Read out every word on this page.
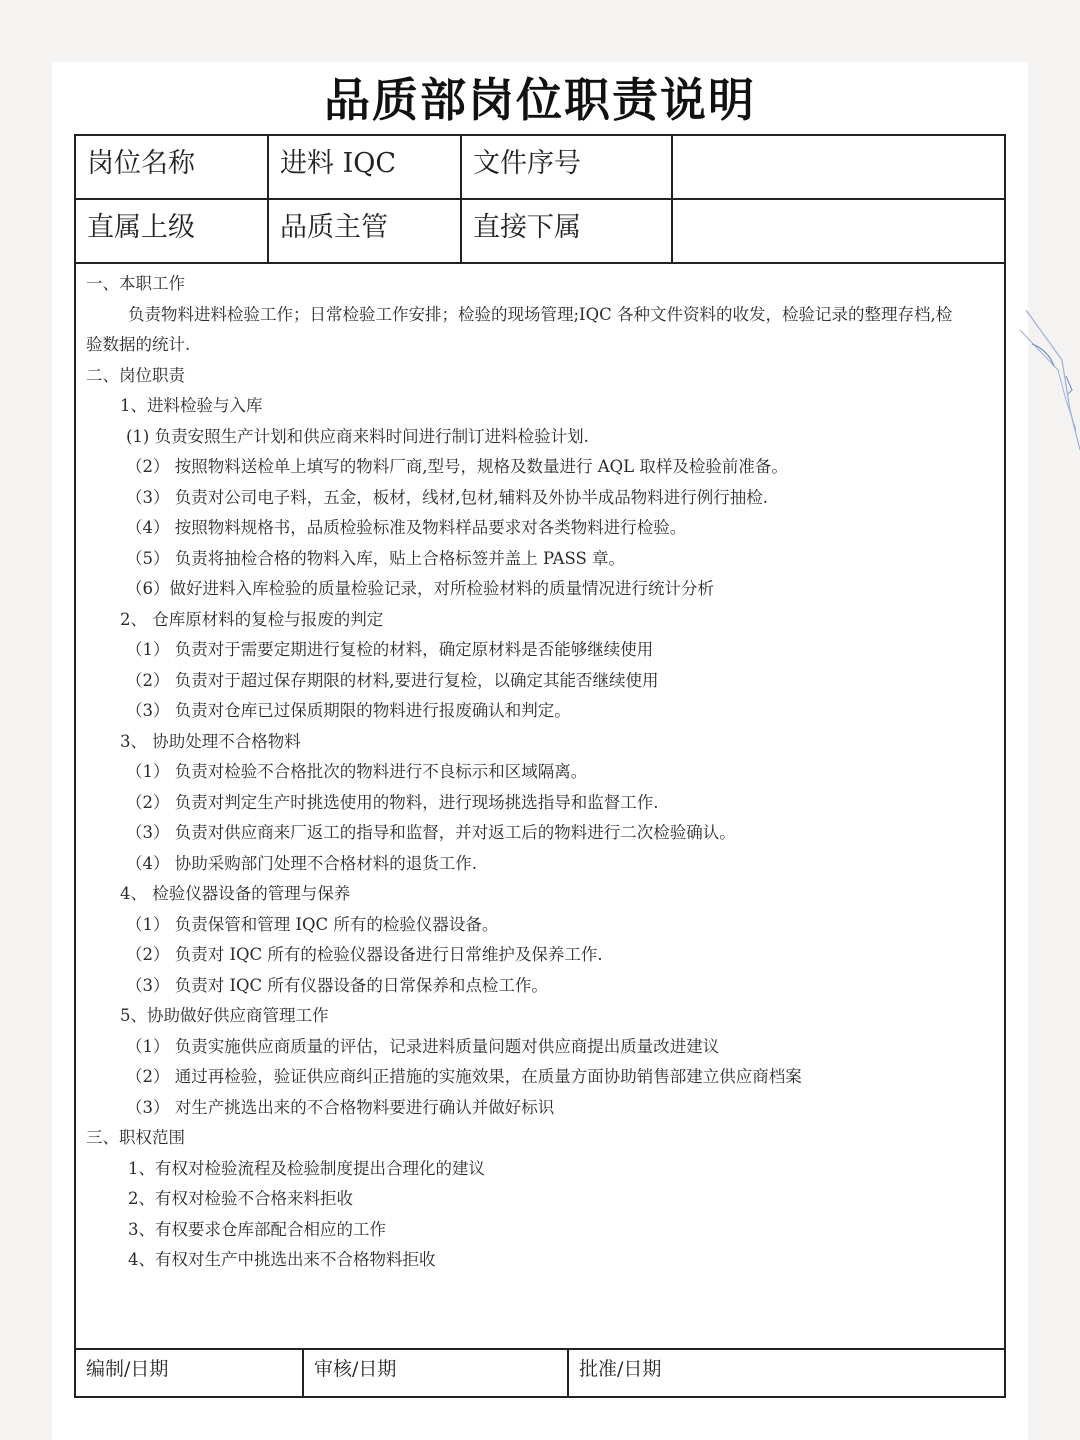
品质部岗位职责说明
岗位名称	进料 IQC	文件序号
直属上级	品质主管	直接下属
一、本职工作
负责物料进料检验工作；日常检验工作安排；检验的现场管理;IQC 各种文件资料的收发，检验记录的整理存档,检
验数据的统计.
二、岗位职责
1、进料检验与入库
(1) 负责安照生产计划和供应商来料时间进行制订进料检验计划.
（2） 按照物料送检单上填写的物料厂商,型号，规格及数量进行 AQL 取样及检验前准备。
（3） 负责对公司电子料，五金，板材，线材,包材,辅料及外协半成品物料进行例行抽检.
（4） 按照物料规格书，品质检验标准及物料样品要求对各类物料进行检验。
（5） 负责将抽检合格的物料入库，贴上合格标签并盖上 PASS 章。
（6）做好进料入库检验的质量检验记录，对所检验材料的质量情况进行统计分析
2、 仓库原材料的复检与报废的判定
（1） 负责对于需要定期进行复检的材料，确定原材料是否能够继续使用
（2） 负责对于超过保存期限的材料,要进行复检，以确定其能否继续使用
（3） 负责对仓库已过保质期限的物料进行报废确认和判定。
3、 协助处理不合格物料
（1） 负责对检验不合格批次的物料进行不良标示和区域隔离。
（2） 负责对判定生产时挑选使用的物料，进行现场挑选指导和监督工作.
（3） 负责对供应商来厂返工的指导和监督，并对返工后的物料进行二次检验确认。
（4） 协助采购部门处理不合格材料的退货工作.
4、 检验仪器设备的管理与保养
（1） 负责保管和管理 IQC 所有的检验仪器设备。
（2） 负责对 IQC 所有的检验仪器设备进行日常维护及保养工作.
（3） 负责对 IQC 所有仪器设备的日常保养和点检工作。
5、协助做好供应商管理工作
（1） 负责实施供应商质量的评估，记录进料质量问题对供应商提出质量改进建议
（2） 通过再检验，验证供应商纠正措施的实施效果，在质量方面协助销售部建立供应商档案
（3） 对生产挑选出来的不合格物料要进行确认并做好标识
三、职权范围
1、有权对检验流程及检验制度提出合理化的建议
2、有权对检验不合格来料拒收
3、有权要求仓库部配合相应的工作
4、有权对生产中挑选出来不合格物料拒收
编制/日期	审核/日期	批准/日期
